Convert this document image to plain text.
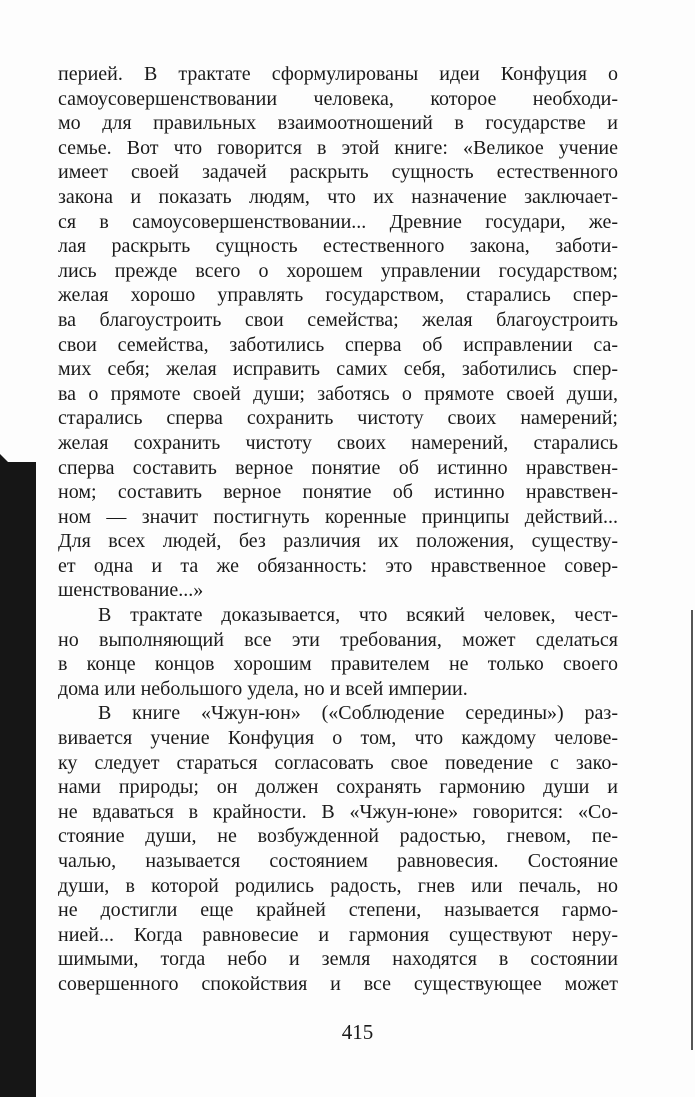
перией. В трактате сформулированы идеи Конфуция о
самоусовершенствовании человека, которое необходи-
мо для правильных взаимоотношений в государстве и
семье. Вот что говорится в этой книге: «Великое учение
имеет своей задачей раскрыть сущность естественного
закона и показать людям, что их назначение заключает-
ся в самоусовершенствовании... Древние государи, же-
лая раскрыть сущность естественного закона, заботи-
лись прежде всего о хорошем управлении государством;
желая хорошо управлять государством, старались спер-
ва благоустроить свои семейства; желая благоустроить
свои семейства, заботились сперва об исправлении са-
мих себя; желая исправить самих себя, заботились спер-
ва о прямоте своей души; заботясь о прямоте своей души,
старались сперва сохранить чистоту своих намерений;
желая сохранить чистоту своих намерений, старались
сперва составить верное понятие об истинно нравствен-
ном; составить верное понятие об истинно нравствен-
ном — значит постигнуть коренные принципы действий...
Для всех людей, без различия их положения, существу-
ет одна и та же обязанность: это нравственное совер-
шенствование...»
В трактате доказывается, что всякий человек, чест-
но выполняющий все эти требования, может сделаться
в конце концов хорошим правителем не только своего
дома или небольшого удела, но и всей империи.
В книге «Чжун-юн» («Соблюдение середины») раз-
вивается учение Конфуция о том, что каждому челове-
ку следует стараться согласовать свое поведение с зако-
нами природы; он должен сохранять гармонию души и
не вдаваться в крайности. В «Чжун-юне» говорится: «Со-
стояние души, не возбужденной радостью, гневом, пе-
чалью, называется состоянием равновесия. Состояние
души, в которой родились радость, гнев или печаль, но
не достигли еще крайней степени, называется гармо-
нией... Когда равновесие и гармония существуют неру-
шимыми, тогда небо и земля находятся в состоянии
совершенного спокойствия и все существующее может
415
